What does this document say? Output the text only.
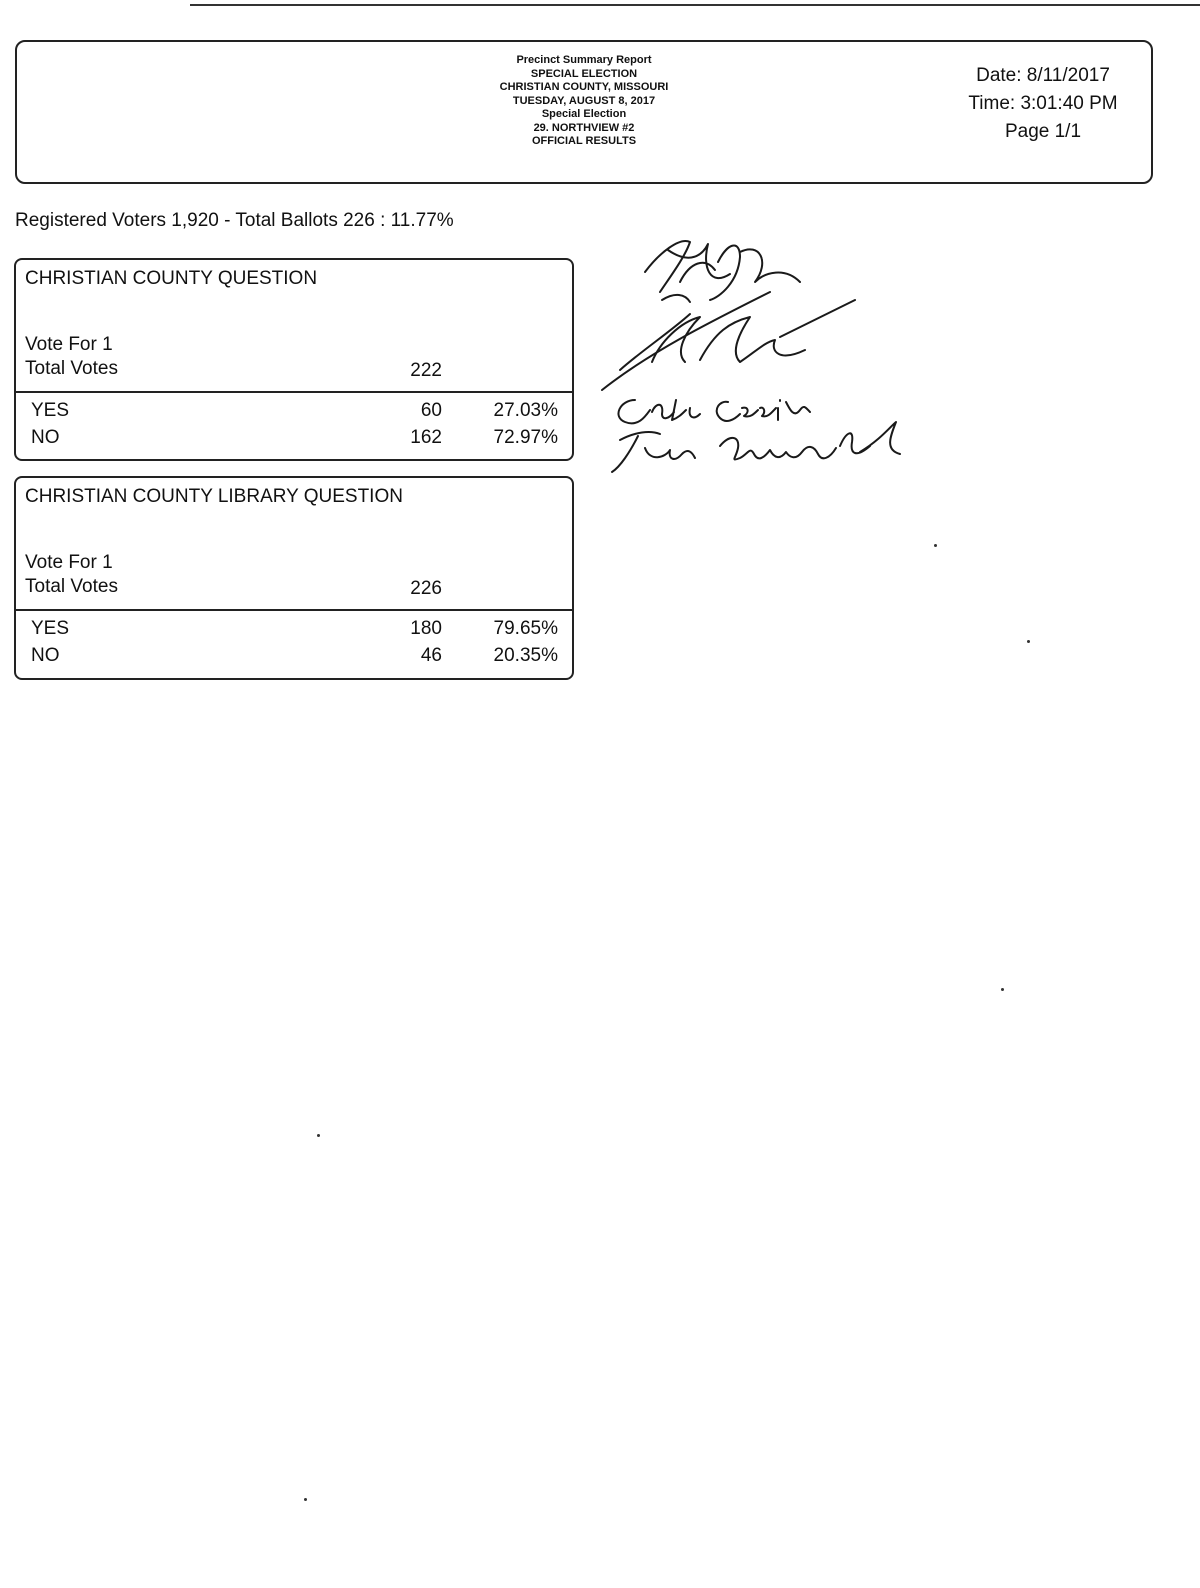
Precinct Summary Report
SPECIAL ELECTION
CHRISTIAN COUNTY, MISSOURI
TUESDAY, AUGUST 8, 2017
Special Election
29. NORTHVIEW #2
OFFICIAL RESULTS
Date: 8/11/2017
Time: 3:01:40 PM
Page 1/1
Registered Voters 1,920 - Total Ballots 226 : 11.77%
CHRISTIAN COUNTY QUESTION
Vote For 1
Total Votes	222
YES	60	27.03%
NO	162	72.97%
CHRISTIAN COUNTY LIBRARY QUESTION
Vote For 1
Total Votes	226
YES	180	79.65%
NO	46	20.35%
